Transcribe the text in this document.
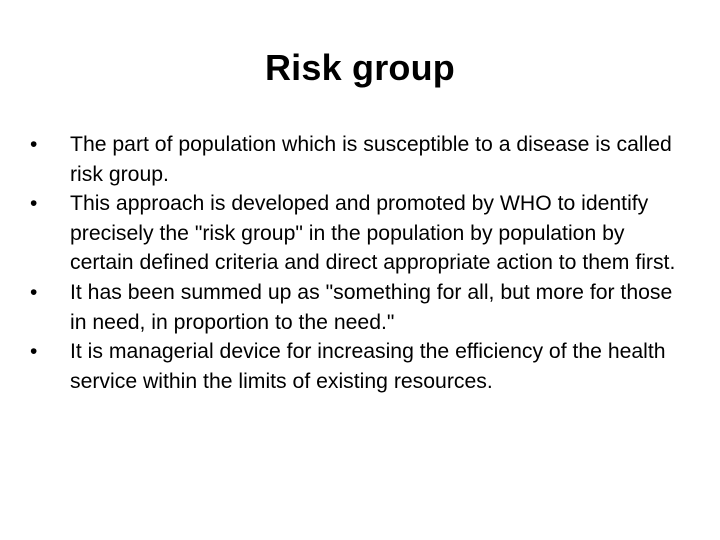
Risk group
•	The part of population which is susceptible to a disease is called risk group.
•	This approach is developed and promoted by WHO to identify precisely the "risk group" in the population by population by certain defined criteria and direct appropriate action to them first.
•	It has been summed up as "something for all, but more for those in need, in proportion to the need."
•	It is managerial device for increasing the efficiency of the health service within the limits of existing resources.
